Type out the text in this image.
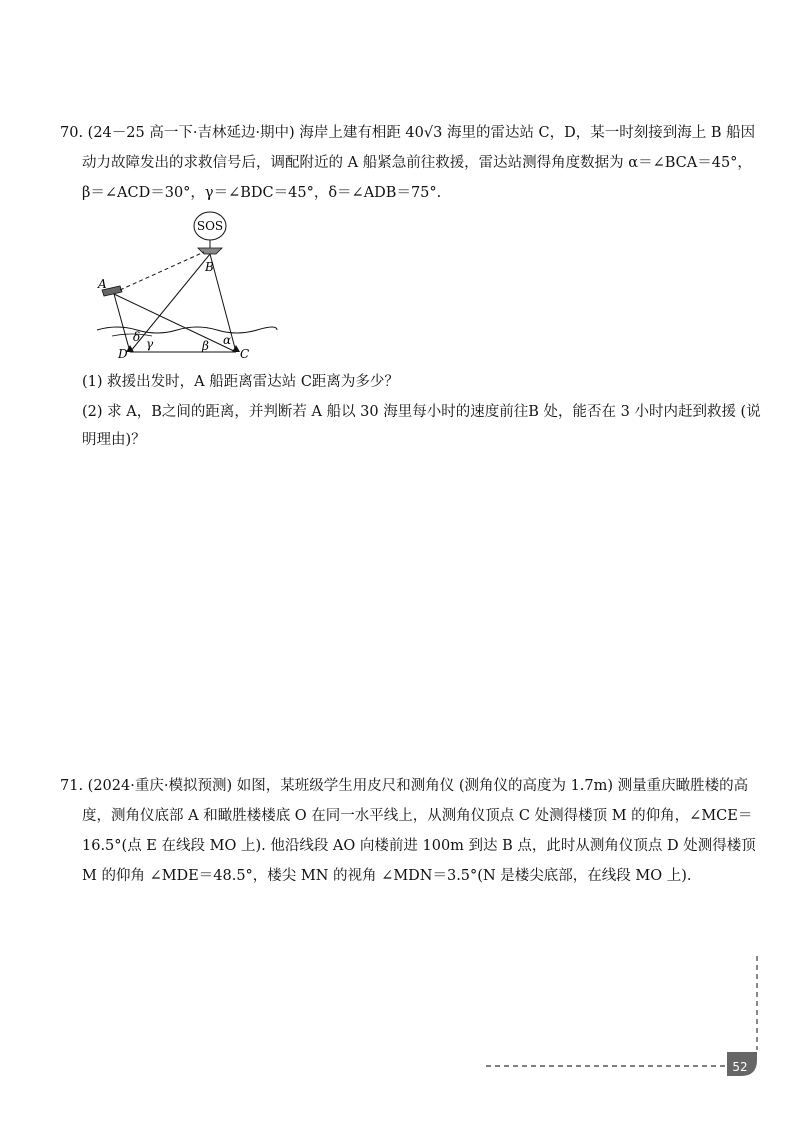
70. (24－25 高一下·吉林延边·期中) 海岸上建有相距 40√3 海里的雷达站 C，D，某一时刻接到海上 B 船因
动力故障发出的求救信号后，调配附近的 A 船紧急前往救援，雷达站测得角度数据为 α＝∠BCA＝45°，
β＝∠ACD＝30°，γ＝∠BDC＝45°，δ＝∠ADB＝75°.
SOS
A
B
C
D
α
β
γ
δ
(1) 救援出发时，A 船距离雷达站 C距离为多少？
(2) 求 A，B之间的距离，并判断若 A 船以 30 海里每小时的速度前往B 处，能否在 3 小时内赶到救援 (说
明理由)？
71. (2024·重庆·模拟预测) 如图，某班级学生用皮尺和测角仪 (测角仪的高度为 1.7m) 测量重庆瞰胜楼的高
度，测角仪底部 A 和瞰胜楼楼底 O 在同一水平线上，从测角仪顶点 C 处测得楼顶 M 的仰角，∠MCE＝
16.5°(点 E 在线段 MO 上). 他沿线段 AO 向楼前进 100m 到达 B 点，此时从测角仪顶点 D 处测得楼顶
M 的仰角 ∠MDE＝48.5°，楼尖 MN 的视角 ∠MDN＝3.5°(N 是楼尖底部，在线段 MO 上).
52
